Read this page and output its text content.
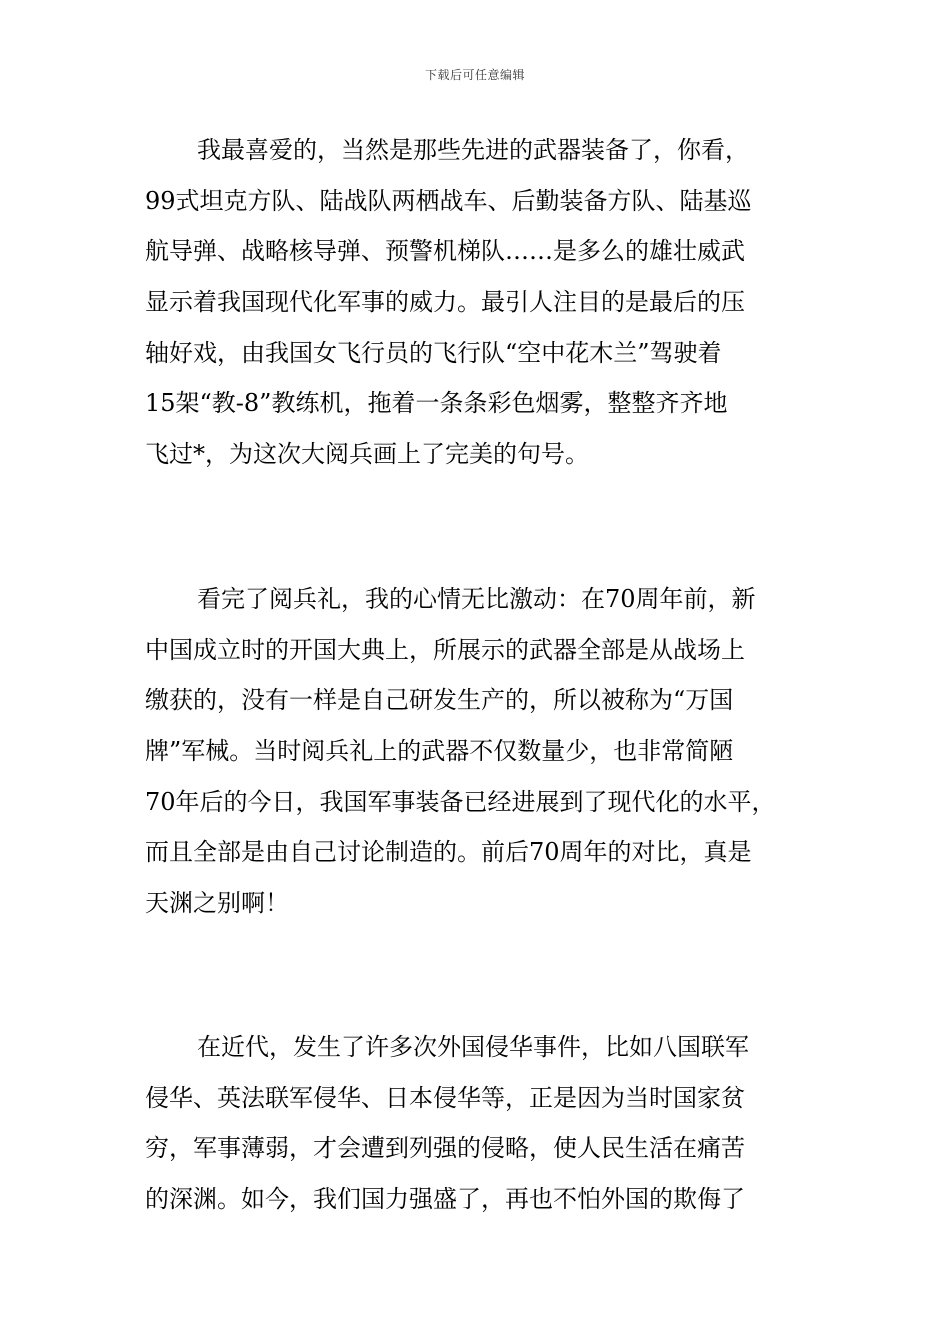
下载后可任意编辑
我最喜爱的，当然是那些先进的武器装备了，你看，
99式坦克方队、陆战队两栖战车、后勤装备方队、陆基巡
航导弹、战略核导弹、预警机梯队……是多么的雄壮威武
显示着我国现代化军事的威力。最引人注目的是最后的压
轴好戏，由我国女飞行员的飞行队“空中花木兰”驾驶着
15架“教-8”教练机，拖着一条条彩色烟雾，整整齐齐地
飞过*，为这次大阅兵画上了完美的句号。
看完了阅兵礼，我的心情无比激动：在70周年前，新
中国成立时的开国大典上，所展示的武器全部是从战场上
缴获的，没有一样是自己研发生产的，所以被称为“万国
牌”军械。当时阅兵礼上的武器不仅数量少，也非常简陋
70年后的今日，我国军事装备已经进展到了现代化的水平，
而且全部是由自己讨论制造的。前后70周年的对比，真是
天渊之别啊！
在近代，发生了许多次外国侵华事件，比如八国联军
侵华、英法联军侵华、日本侵华等，正是因为当时国家贫
穷，军事薄弱，才会遭到列强的侵略，使人民生活在痛苦
的深渊。如今，我们国力强盛了，再也不怕外国的欺侮了
